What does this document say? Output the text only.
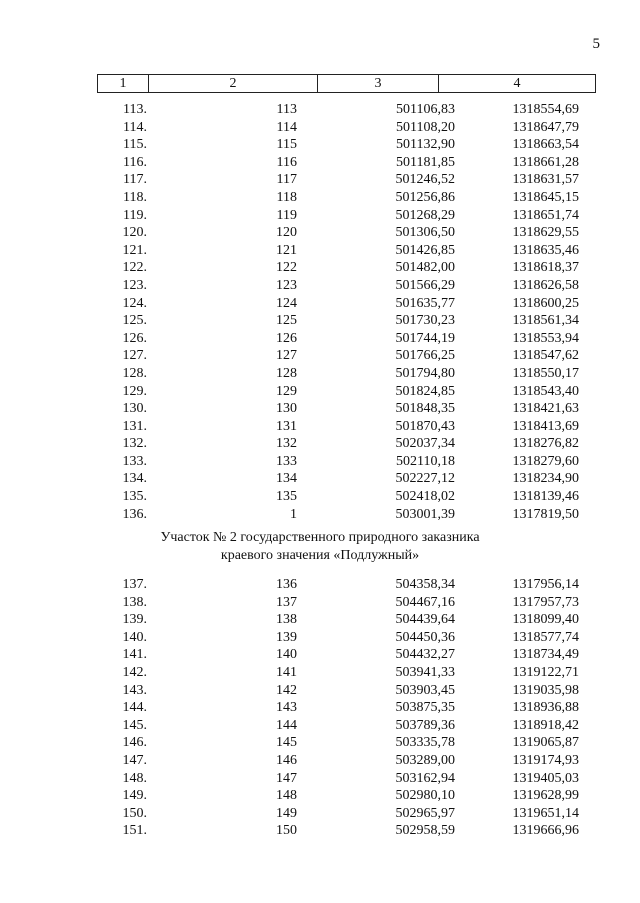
5
1	2	3	4
113.	113	501106,83	1318554,69
114.	114	501108,20	1318647,79
115.	115	501132,90	1318663,54
116.	116	501181,85	1318661,28
117.	117	501246,52	1318631,57
118.	118	501256,86	1318645,15
119.	119	501268,29	1318651,74
120.	120	501306,50	1318629,55
121.	121	501426,85	1318635,46
122.	122	501482,00	1318618,37
123.	123	501566,29	1318626,58
124.	124	501635,77	1318600,25
125.	125	501730,23	1318561,34
126.	126	501744,19	1318553,94
127.	127	501766,25	1318547,62
128.	128	501794,80	1318550,17
129.	129	501824,85	1318543,40
130.	130	501848,35	1318421,63
131.	131	501870,43	1318413,69
132.	132	502037,34	1318276,82
133.	133	502110,18	1318279,60
134.	134	502227,12	1318234,90
135.	135	502418,02	1318139,46
136.	1	503001,39	1317819,50
Участок № 2 государственного природного заказника
краевого значения «Подлужный»
137.	136	504358,34	1317956,14
138.	137	504467,16	1317957,73
139.	138	504439,64	1318099,40
140.	139	504450,36	1318577,74
141.	140	504432,27	1318734,49
142.	141	503941,33	1319122,71
143.	142	503903,45	1319035,98
144.	143	503875,35	1318936,88
145.	144	503789,36	1318918,42
146.	145	503335,78	1319065,87
147.	146	503289,00	1319174,93
148.	147	503162,94	1319405,03
149.	148	502980,10	1319628,99
150.	149	502965,97	1319651,14
151.	150	502958,59	1319666,96
